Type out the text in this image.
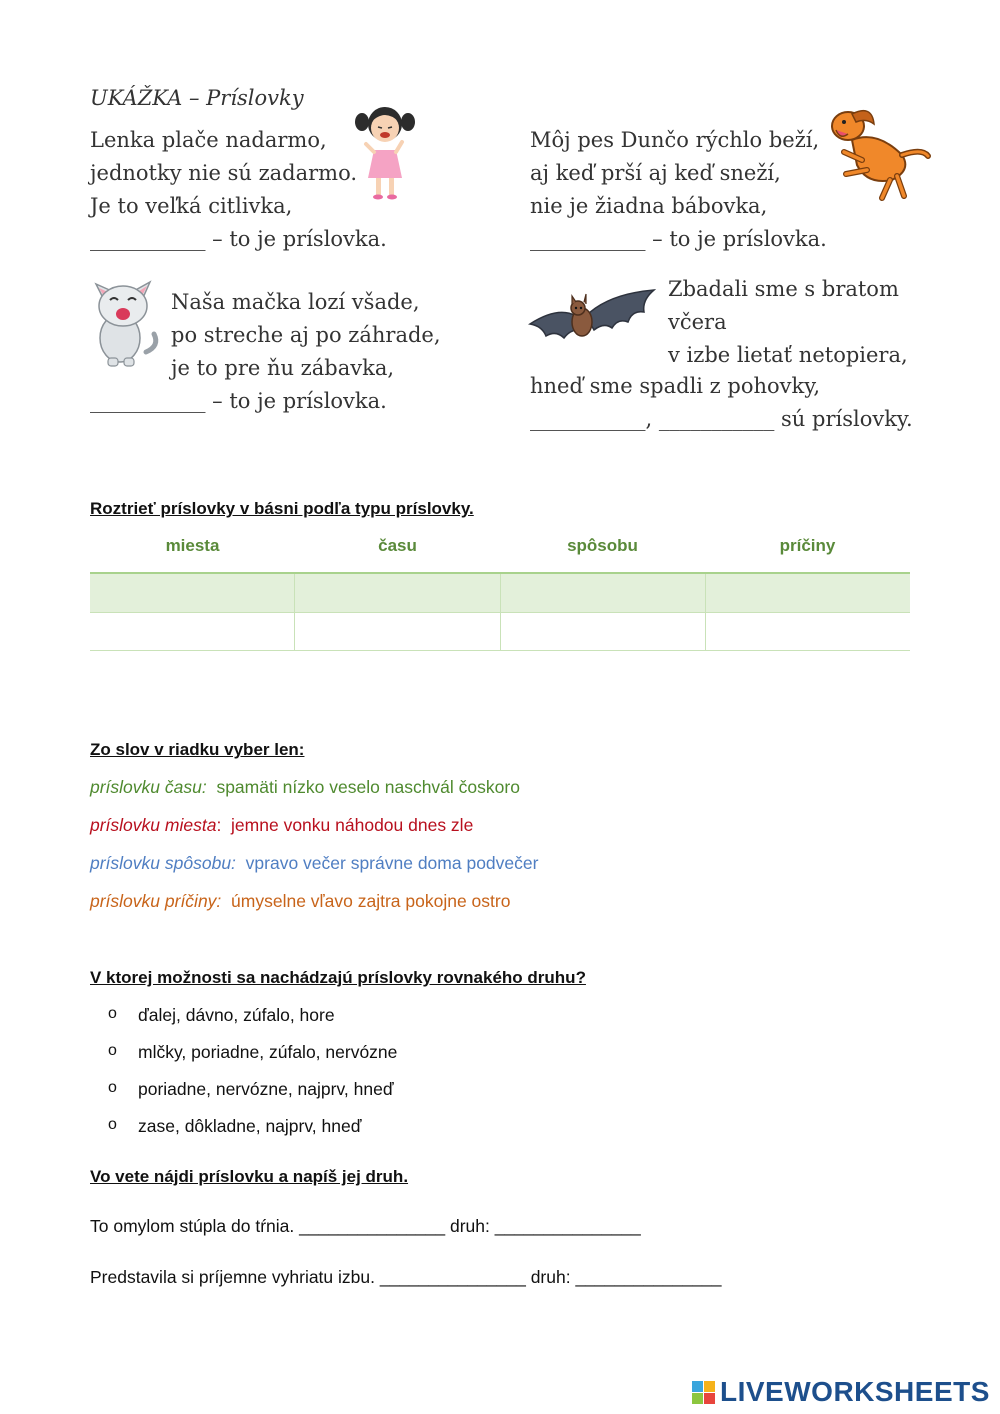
UKÁŽKA – Príslovky
Lenka plače nadarmo,
jednotky nie sú zadarmo.
Je to veľká citlivka,
___________ – to je príslovka.
Môj pes Dunčo rýchlo beží,
aj keď prší aj keď sneží,
nie je žiadna bábovka,
___________ – to je príslovka.
Naša mačka lozí všade,
po streche aj po záhrade,
je to pre ňu zábavka,
___________ – to je príslovka.
Zbadali sme s bratom
včera
v izbe lietať netopiera,
hneď sme spadli z pohovky,
___________, ___________ sú príslovky.
Roztrieť príslovky v básni podľa typu príslovky.
miesta	času	spôsobu	príčiny
Zo slov v riadku vyber len:
príslovku času: spamäti nízko veselo naschvál čoskoro
príslovku miesta: jemne vonku náhodou dnes zle
príslovku spôsobu: vpravo večer správne doma podvečer
príslovku príčiny: úmyselne vľavo zajtra pokojne ostro
V ktorej možnosti sa nachádzajú príslovky rovnakého druhu?
o	ďalej, dávno, zúfalo, hore
o	mlčky, poriadne, zúfalo, nervózne
o	poriadne, nervózne, najprv, hneď
o	zase, dôkladne, najprv, hneď
Vo vete nájdi príslovku a napíš jej druh.
To omylom stúpla do tŕnia. _______________ druh: _______________
Predstavila si príjemne vyhriatu izbu. _______________ druh: _______________
LIVEWORKSHEETS
